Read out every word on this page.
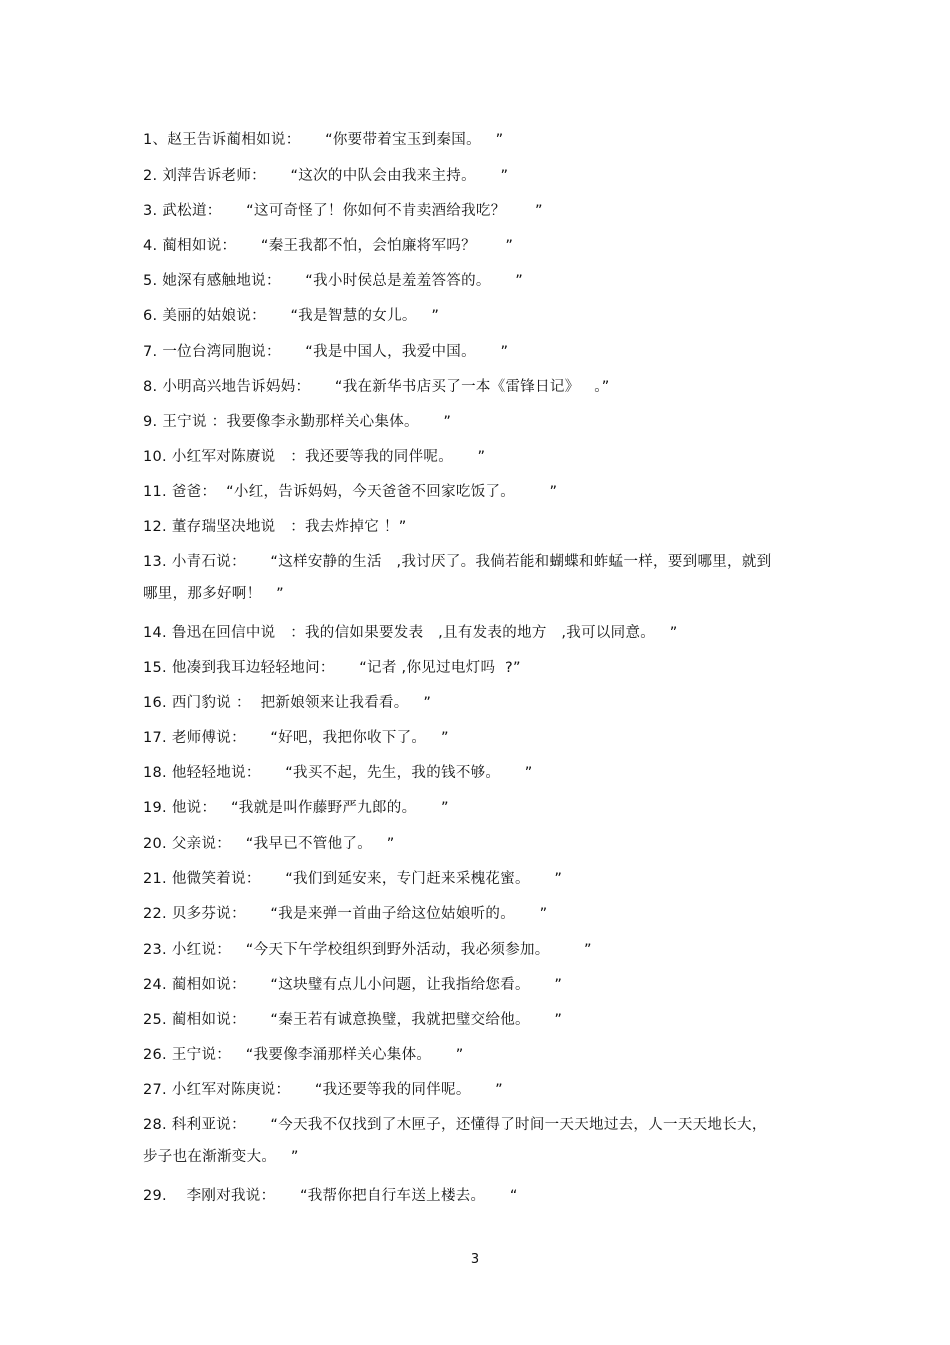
1、赵王告诉蔺相如说：     “你要带着宝玉到秦国。   ”
2. 刘萍告诉老师：     “这次的中队会由我来主持。     ”
3. 武松道：     “这可奇怪了！你如何不肯卖酒给我吃？      ”
4. 蔺相如说：     “秦王我都不怕，会怕廉将军吗？      ”
5. 她深有感触地说：     “我小时侯总是羞羞答答的。     ”
6. 美丽的姑娘说：     “我是智慧的女儿。   ”
7. 一位台湾同胞说：     “我是中国人，我爱中国。     ”
8. 小明高兴地告诉妈妈：     “我在新华书店买了一本《雷锋日记》   。”
9. 王宁说 ：我要像李永勤那样关心集体。     ”
10. 小红军对陈赓说   ：我还要等我的同伴呢。     ”
11. 爸爸：  “小红，告诉妈妈，今天爸爸不回家吃饭了。       ”
12. 董存瑞坚决地说   ：我去炸掉它 ！”
13. 小青石说：     “这样安静的生活   ,我讨厌了。我倘若能和蝴蝶和蚱蜢一样，要到哪里，就到
哪里，那多好啊！   ”
14. 鲁迅在回信中说   ：我的信如果要发表   ,且有发表的地方   ,我可以同意。   ”
15. 他凑到我耳边轻轻地问：     “记者 ,你见过电灯吗  ?”
16. 西门豹说 ：  把新娘领来让我看看。   ”
17. 老师傅说：     “好吧，我把你收下了。   ”
18. 他轻轻地说：     “我买不起，先生，我的钱不够。     ”
19. 他说：   “我就是叫作藤野严九郎的。     ”
20. 父亲说：   “我早已不管他了。   ”
21. 他微笑着说：     “我们到延安来，专门赶来采槐花蜜。     ”
22. 贝多芬说：     “我是来弹一首曲子给这位姑娘听的。     ”
23. 小红说：   “今天下午学校组织到野外活动，我必须参加。       ”
24. 蔺相如说：     “这块璧有点儿小问题，让我指给您看。     ”
25. 蔺相如说：     “秦王若有诚意换璧，我就把璧交给他。     ”
26. 王宁说：   “我要像李涌那样关心集体。     ”
27. 小红军对陈庚说：     “我还要等我的同伴呢。     ”
28. 科利亚说：     “今天我不仅找到了木匣子，还懂得了时间一天天地过去，人一天天地长大，
步子也在渐渐变大。   ”
29.    李刚对我说：     “我帮你把自行车送上楼去。     “
3
